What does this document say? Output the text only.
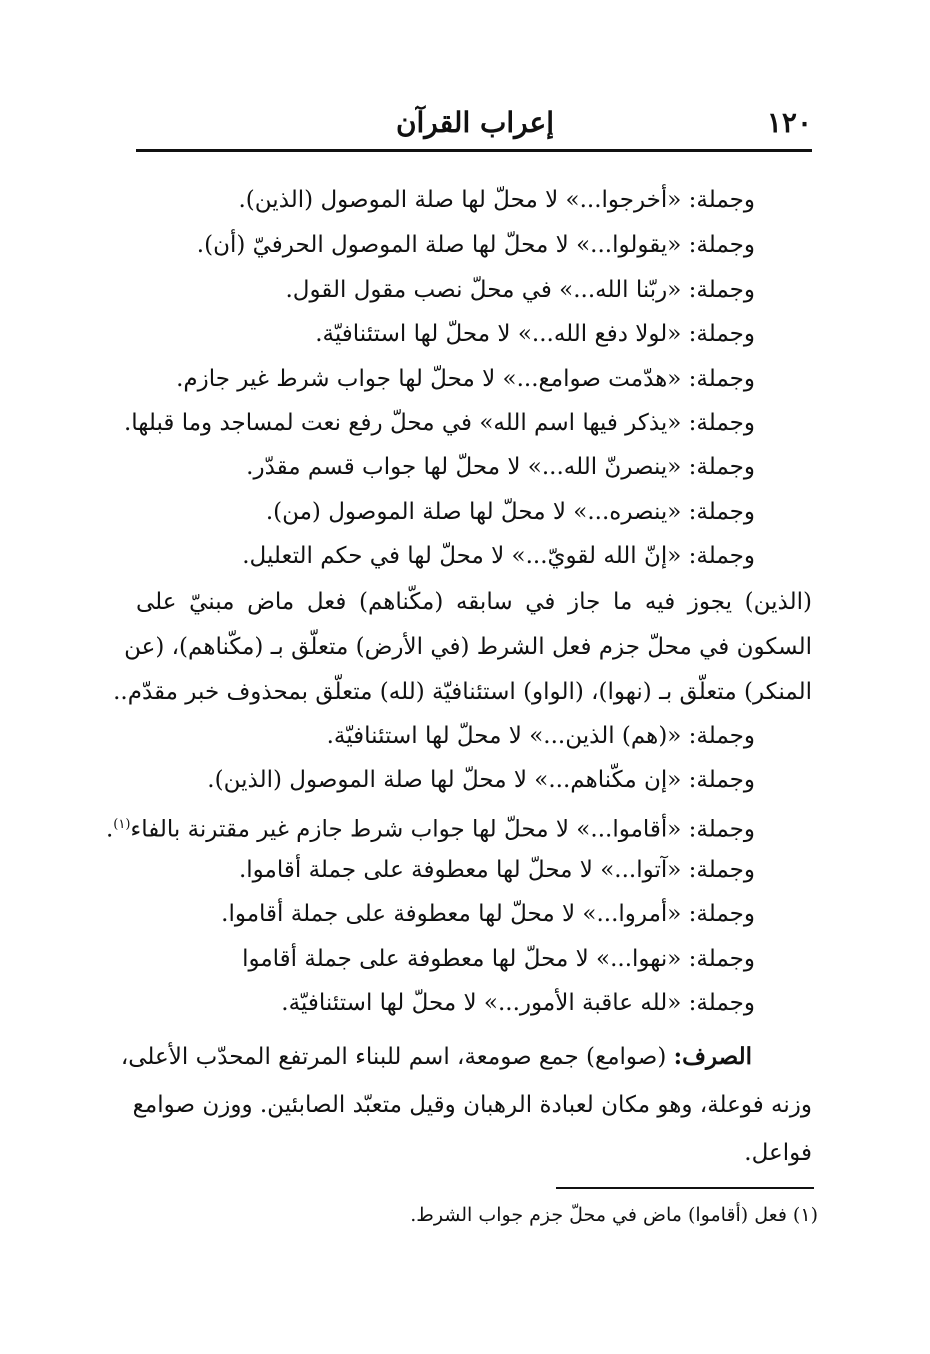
١٢٠
إعراب القرآن
وجملة: «أخرجوا...» لا محلّ لها صلة الموصول (الذين).
وجملة: «يقولوا...» لا محلّ لها صلة الموصول الحرفيّ (أن).
وجملة: «ربّنا الله...» في محلّ نصب مقول القول.
وجملة: «لولا دفع الله...» لا محلّ لها استئنافيّة.
وجملة: «هدّمت صوامع...» لا محلّ لها جواب شرط غير جازم.
وجملة: «يذكر فيها اسم الله» في محلّ رفع نعت لمساجد وما قبلها.
وجملة: «ينصرنّ الله...» لا محلّ لها جواب قسم مقدّر.
وجملة: «ينصره...» لا محلّ لها صلة الموصول (من).
وجملة: «إنّ الله لقويّ...» لا محلّ لها في حكم التعليل.
(الذين) يجوز فيه ما جاز في سابقه (مكّناهم) فعل ماض مبنيّ على
السكون في محلّ جزم فعل الشرط (في الأرض) متعلّق بـ (مكّناهم)، (عن
المنكر) متعلّق بـ (نهوا)، (الواو) استئنافيّة (لله) متعلّق بمحذوف خبر مقدّم..
وجملة: «(هم) الذين...» لا محلّ لها استئنافيّة.
وجملة: «إن مكّناهم...» لا محلّ لها صلة الموصول (الذين).
وجملة: «أقاموا...» لا محلّ لها جواب شرط جازم غير مقترنة بالفاء$^{(١)}$.
وجملة: «آتوا...» لا محلّ لها معطوفة على جملة أقاموا.
وجملة: «أمروا...» لا محلّ لها معطوفة على جملة أقاموا.
وجملة: «نهوا...» لا محلّ لها معطوفة على جملة أقاموا
وجملة: «لله عاقبة الأمور...» لا محلّ لها استئنافيّة.
الصرف: (صوامع) جمع صومعة، اسم للبناء المرتفع المحدّب الأعلى،
وزنه فوعلة، وهو مكان لعبادة الرهبان وقيل متعبّد الصابئين. ووزن صوامع
فواعل.
(١) فعل (أقاموا) ماض في محلّ جزم جواب الشرط.
